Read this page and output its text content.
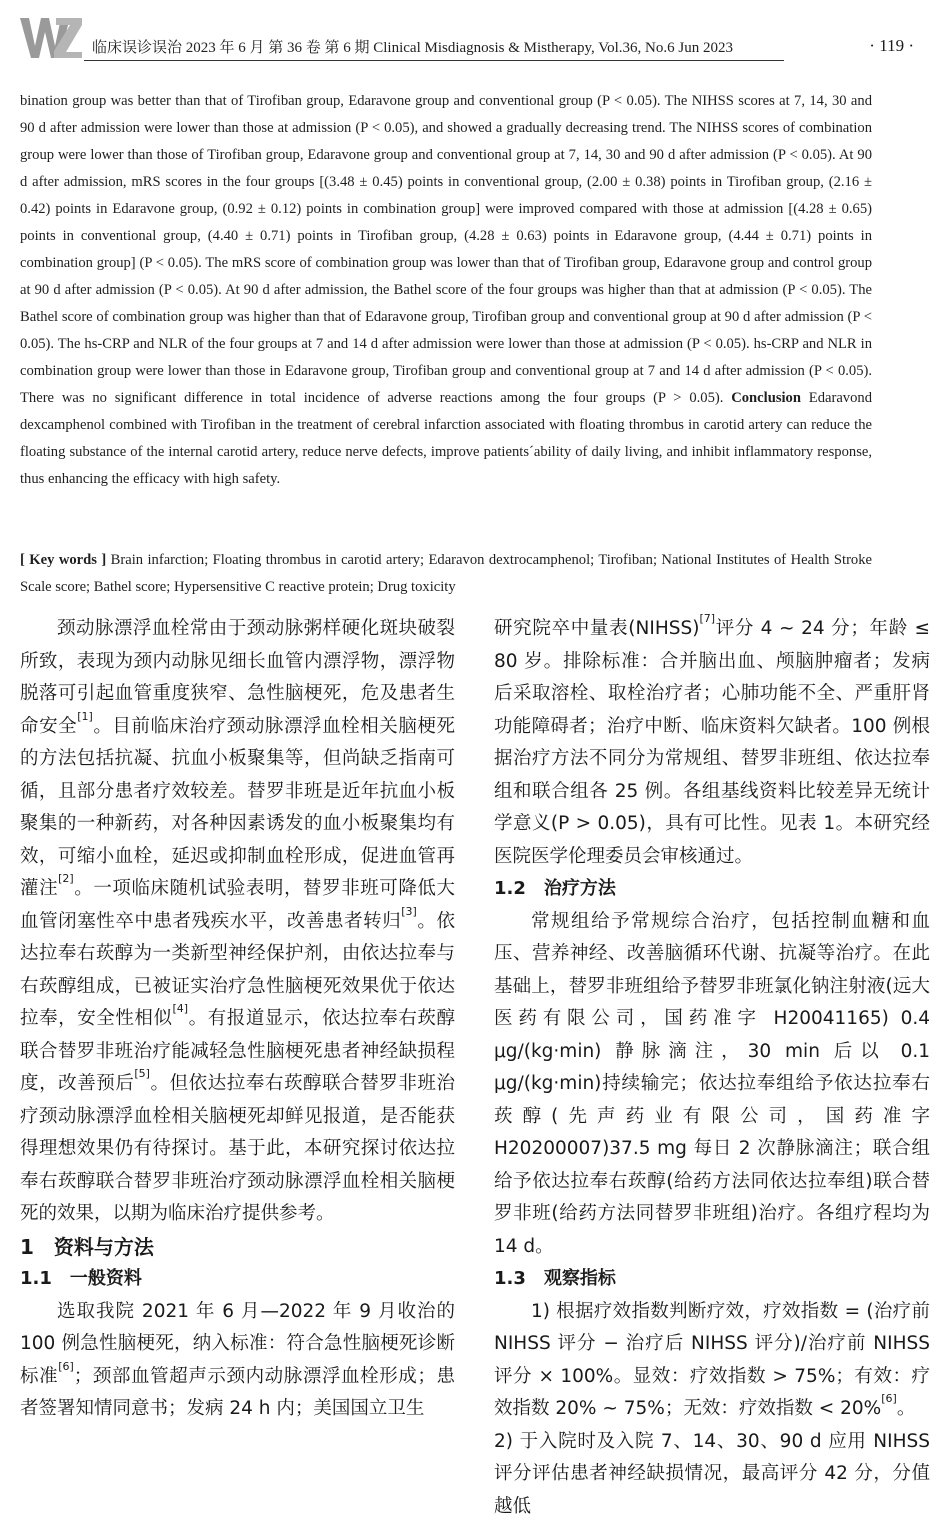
临床误诊误治 2023 年 6 月 第 36 卷 第 6 期 Clinical Misdiagnosis & Mistherapy, Vol.36, No.6 Jun 2023	· 119 ·
bination group was better than that of Tirofiban group, Edaravone group and conventional group (P < 0.05). The NIHSS scores at 7, 14, 30 and 90 d after admission were lower than those at admission (P < 0.05), and showed a gradually decreasing trend. The NIHSS scores of combination group were lower than those of Tirofiban group, Edaravone group and conventional group at 7, 14, 30 and 90 d after admission (P < 0.05). At 90 d after admission, mRS scores in the four groups [(3.48 ± 0.45) points in conventional group, (2.00 ± 0.38) points in Tirofiban group, (2.16 ± 0.42) points in Edaravone group, (0.92 ± 0.12) points in combination group] were improved compared with those at admission [(4.28 ± 0.65) points in conventional group, (4.40 ± 0.71) points in Tirofiban group, (4.28 ± 0.63) points in Edaravone group, (4.44 ± 0.71) points in combination group] (P < 0.05). The mRS score of combination group was lower than that of Tirofiban group, Edaravone group and control group at 90 d after admission (P < 0.05). At 90 d after admission, the Bathel score of the four groups was higher than that at admission (P < 0.05). The Bathel score of combination group was higher than that of Edaravone group, Tirofiban group and conventional group at 90 d after admission (P < 0.05). The hs-CRP and NLR of the four groups at 7 and 14 d after admission were lower than those at admission (P < 0.05). hs-CRP and NLR in combination group were lower than those in Edaravone group, Tirofiban group and conventional group at 7 and 14 d after admission (P < 0.05). There was no significant difference in total incidence of adverse reactions among the four groups (P > 0.05). Conclusion Edaravond dexcamphenol combined with Tirofiban in the treatment of cerebral infarction associated with floating thrombus in carotid artery can reduce the floating substance of the internal carotid artery, reduce nerve defects, improve patients´ability of daily living, and inhibit inflammatory response, thus enhancing the efficacy with high safety.
[ Key words ] Brain infarction; Floating thrombus in carotid artery; Edaravon dextrocamphenol; Tirofiban; National Institutes of Health Stroke Scale score; Bathel score; Hypersensitive C reactive protein; Drug toxicity

颈动脉漂浮血栓常由于颈动脉粥样硬化斑块破裂所致，表现为颈内动脉见细长血管内漂浮物，漂浮物脱落可引起血管重度狭窄、急性脑梗死，危及患者生命安全[1]。目前临床治疗颈动脉漂浮血栓相关脑梗死的方法包括抗凝、抗血小板聚集等，但尚缺乏指南可循，且部分患者疗效较差。替罗非班是近年抗血小板聚集的一种新药，对各种因素诱发的血小板聚集均有效，可缩小血栓，延迟或抑制血栓形成，促进血管再灌注[2]。一项临床随机试验表明，替罗非班可降低大血管闭塞性卒中患者残疾水平，改善患者转归[3]。依达拉奉右莰醇为一类新型神经保护剂，由依达拉奉与右莰醇组成，已被证实治疗急性脑梗死效果优于依达拉奉，安全性相似[4]。有报道显示，依达拉奉右莰醇联合替罗非班治疗能减轻急性脑梗死患者神经缺损程度，改善预后[5]。但依达拉奉右莰醇联合替罗非班治疗颈动脉漂浮血栓相关脑梗死却鲜见报道，是否能获得理想效果仍有待探讨。基于此，本研究探讨依达拉奉右莰醇联合替罗非班治疗颈动脉漂浮血栓相关脑梗死的效果，以期为临床治疗提供参考。

1　资料与方法

1.1　一般资料

选取我院 2021 年 6 月—2022 年 9 月收治的 100 例急性脑梗死，纳入标准：符合急性脑梗死诊断标准[6]；颈部血管超声示颈内动脉漂浮血栓形成；患者签署知情同意书；发病 24 h 内；美国国立卫生

研究院卒中量表(NIHSS)[7]评分 4 ~ 24 分；年龄 ≤ 80 岁。排除标准：合并脑出血、颅脑肿瘤者；发病后采取溶栓、取栓治疗者；心肺功能不全、严重肝肾功能障碍者；治疗中断、临床资料欠缺者。100 例根据治疗方法不同分为常规组、替罗非班组、依达拉奉组和联合组各 25 例。各组基线资料比较差异无统计学意义(P > 0.05)，具有可比性。见表 1。本研究经医院医学伦理委员会审核通过。

1.2　治疗方法

常规组给予常规综合治疗，包括控制血糖和血压、营养神经、改善脑循环代谢、抗凝等治疗。在此基础上，替罗非班组给予替罗非班氯化钠注射液(远大医药有限公司，国药准字 H20041165) 0.4 μg/(kg·min) 静脉滴注，30 min 后以 0.1 μg/(kg·min)持续输完；依达拉奉组给予依达拉奉右莰醇(先声药业有限公司，国药准字 H20200007)37.5 mg 每日 2 次静脉滴注；联合组给予依达拉奉右莰醇(给药方法同依达拉奉组)联合替罗非班(给药方法同替罗非班组)治疗。各组疗程均为 14 d。

1.3　观察指标

1) 根据疗效指数判断疗效，疗效指数 = (治疗前 NIHSS 评分 − 治疗后 NIHSS 评分)/治疗前 NIHSS评分 × 100%。显效：疗效指数 > 75%；有效：疗效指数 20% ~ 75%；无效：疗效指数 < 20%[6]。

2) 于入院时及入院 7、14、30、90 d 应用 NIHSS 评分评估患者神经缺损情况，最高评分 42 分，分值越低
